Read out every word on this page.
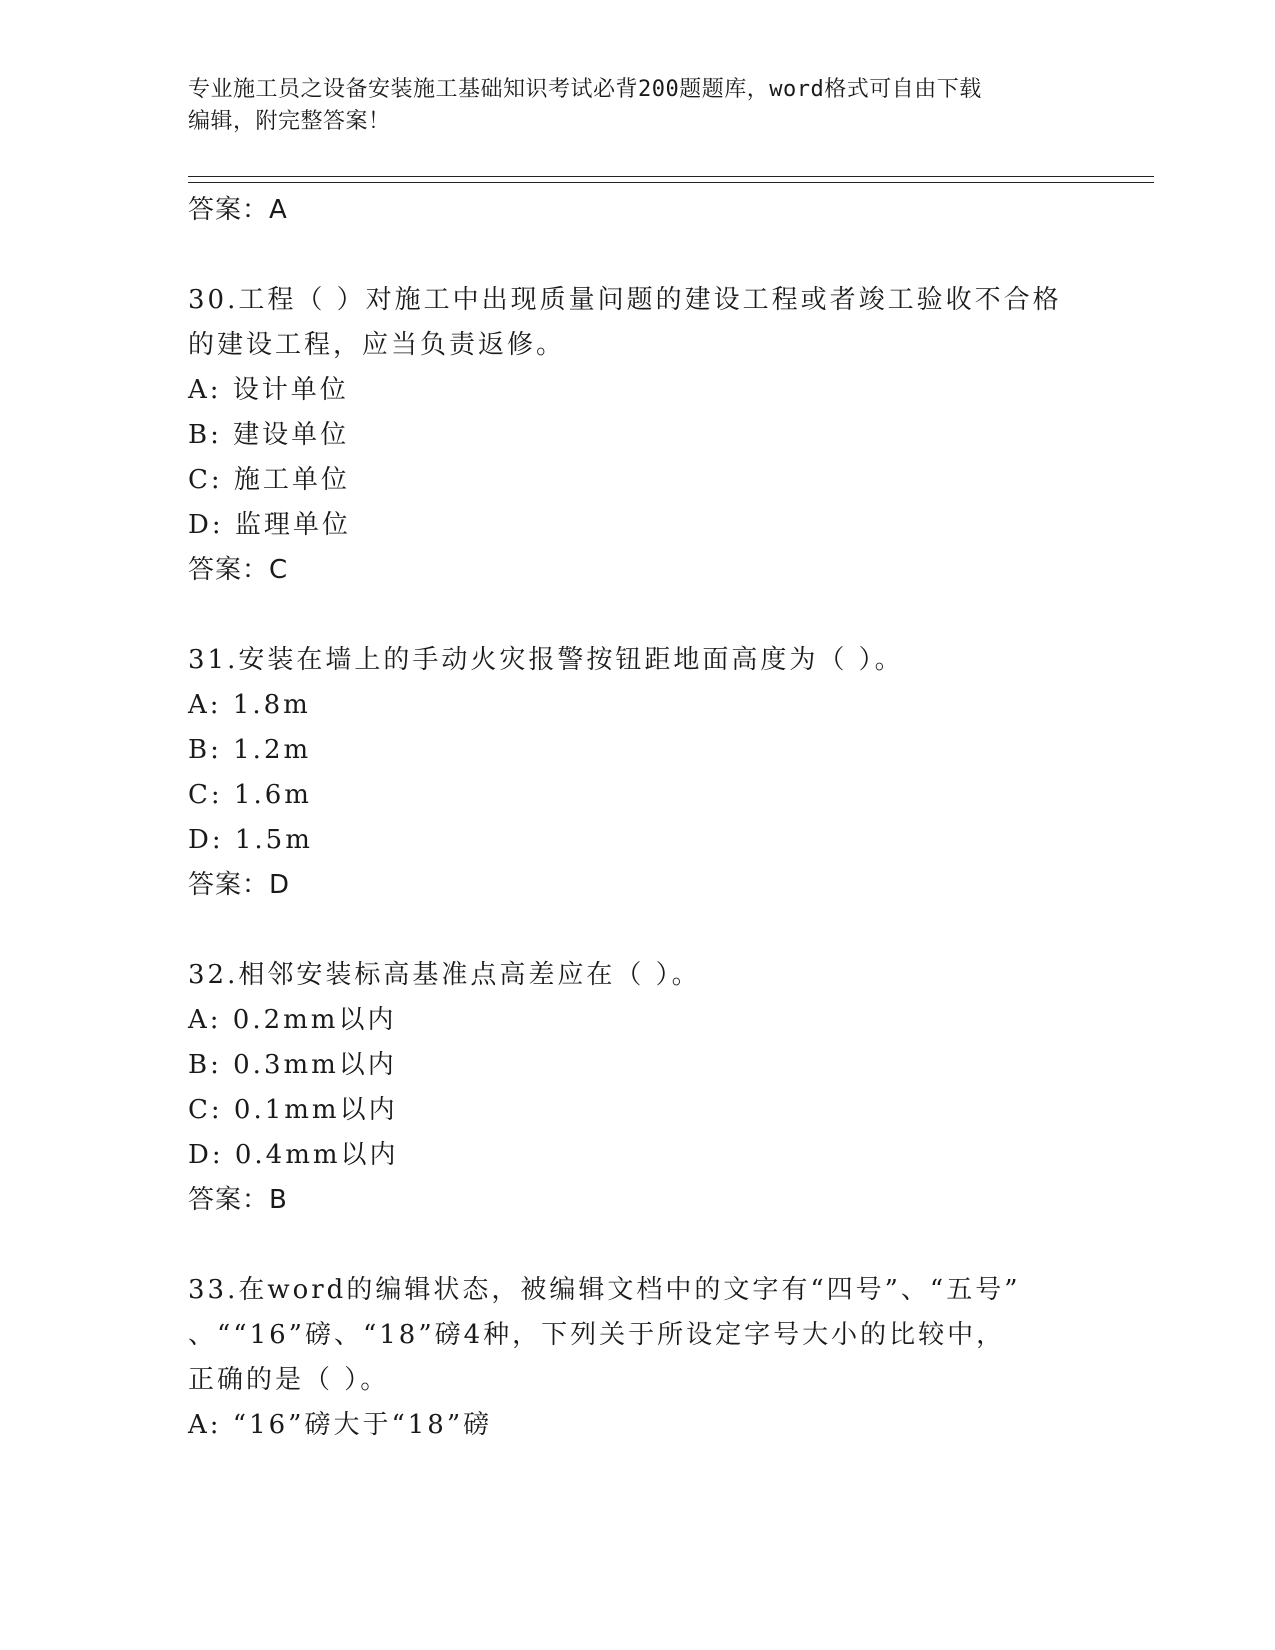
专业施工员之设备安装施工基础知识考试必背200题题库，word格式可自由下载
编辑，附完整答案！
答案：A
30.工程（ ）对施工中出现质量问题的建设工程或者竣工验收不合格
的建设工程，应当负责返修。
A: 设计单位
B: 建设单位
C: 施工单位
D: 监理单位
答案：C
31.安装在墙上的手动火灾报警按钮距地面高度为（ ）。
A: 1.8m
B: 1.2m
C: 1.6m
D: 1.5m
答案：D
32.相邻安装标高基准点高差应在（ ）。
A: 0.2mm以内
B: 0.3mm以内
C: 0.1mm以内
D: 0.4mm以内
答案：B
33.在word的编辑状态，被编辑文档中的文字有“四号”、“五号”
、““16”磅、“18”磅4种，下列关于所设定字号大小的比较中，
正确的是（ ）。
A: “16”磅大于“18”磅
